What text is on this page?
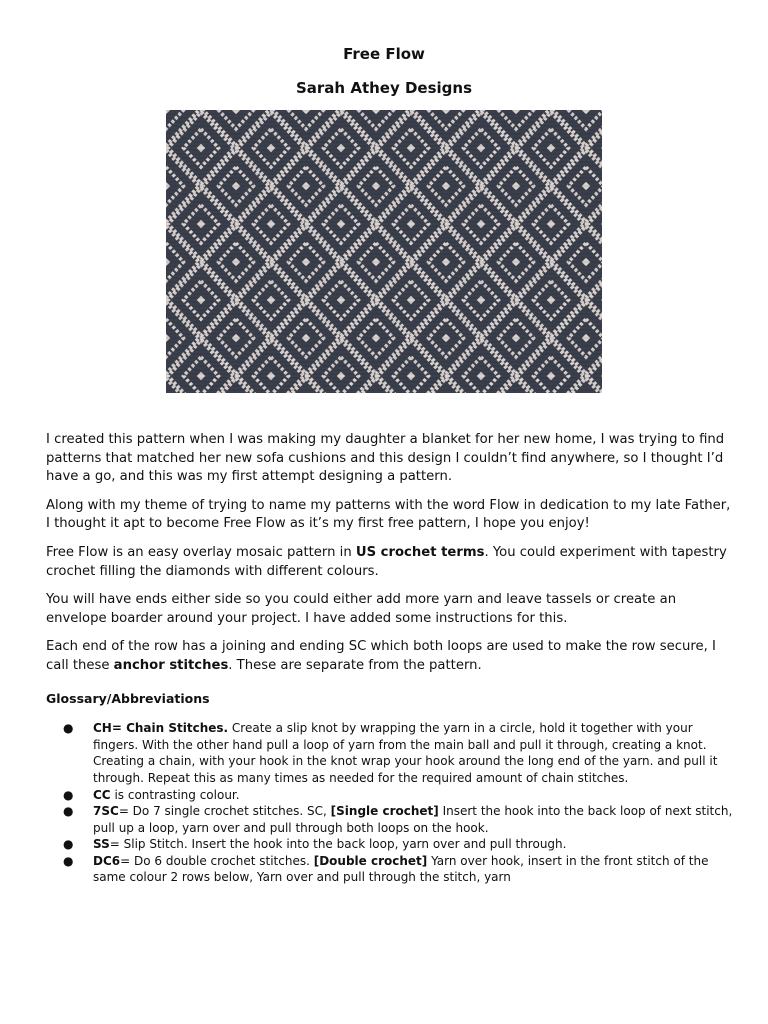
Free Flow
Sarah Athey Designs

I created this pattern when I was making my daughter a blanket for her new home, I was trying to find patterns that matched her new sofa cushions and this design I couldn’t find anywhere, so I thought I’d have a go, and this was my first attempt designing a pattern.

Along with my theme of trying to name my patterns with the word Flow in dedication to my late Father, I thought it apt to become Free Flow as it’s my first free pattern, I hope you enjoy!

Free Flow is an easy overlay mosaic pattern in US crochet terms. You could experiment with tapestry crochet filling the diamonds with different colours.

You will have ends either side so you could either add more yarn and leave tassels or create an envelope boarder around your project. I have added some instructions for this.

Each end of the row has a joining and ending SC which both loops are used to make the row secure, I call these anchor stitches. These are separate from the pattern.

Glossary/Abbreviations
● CH= Chain Stitches. Create a slip knot by wrapping the yarn in a circle, hold it together with your fingers. With the other hand pull a loop of yarn from the main ball and pull it through, creating a knot. Creating a chain, with your hook in the knot wrap your hook around the long end of the yarn. and pull it through. Repeat this as many times as needed for the required amount of chain stitches.
● CC is contrasting colour.
● 7SC= Do 7 single crochet stitches. SC, [Single crochet] Insert the hook into the back loop of next stitch, pull up a loop, yarn over and pull through both loops on the hook.
● SS= Slip Stitch. Insert the hook into the back loop, yarn over and pull through.
● DC6= Do 6 double crochet stitches. [Double crochet] Yarn over hook, insert in the front stitch of the same colour 2 rows below, Yarn over and pull through the stitch, yarn
